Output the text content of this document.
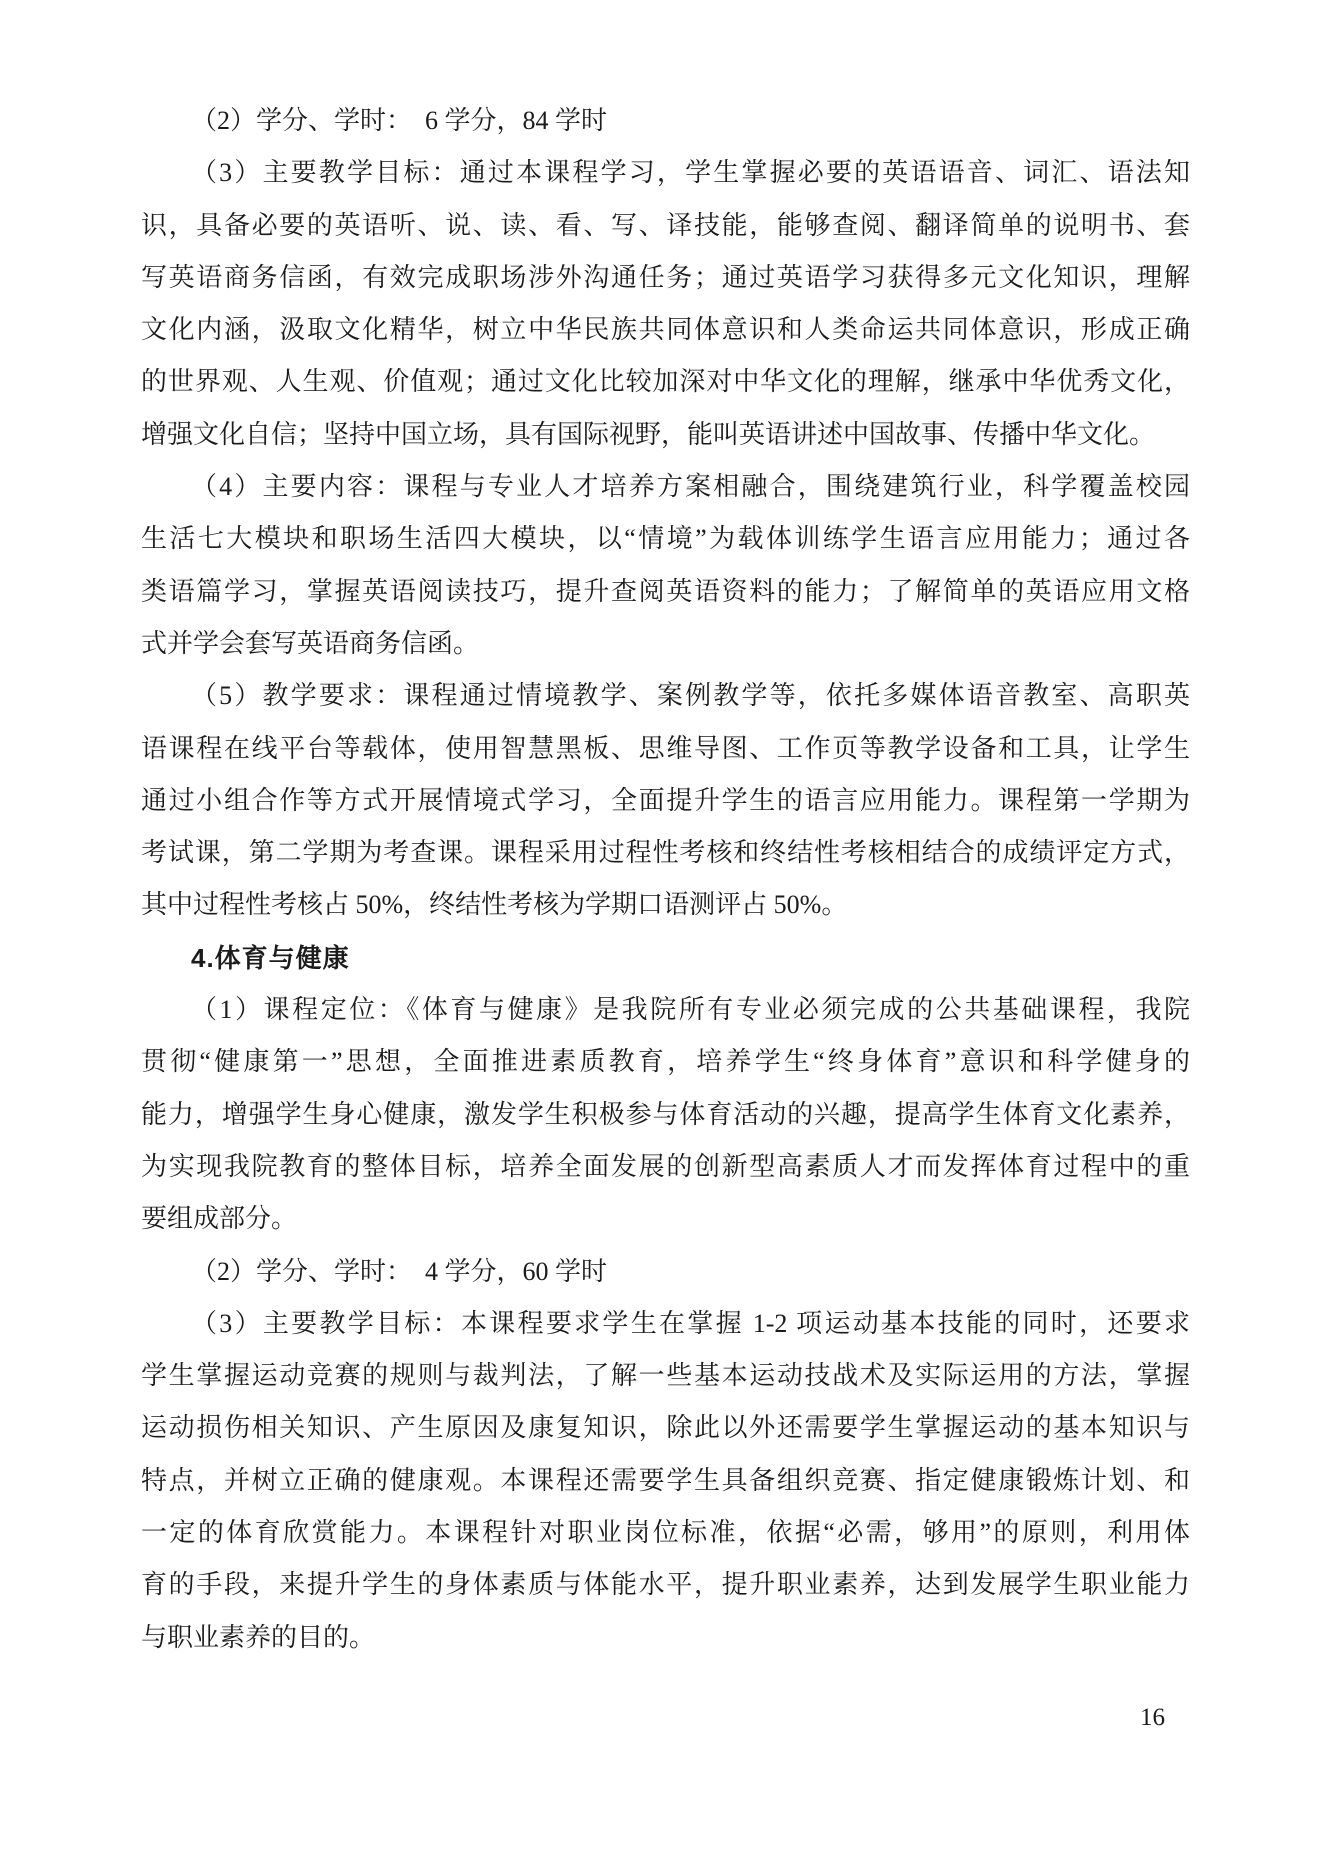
（2）学分、学时：　6 学分，84 学时
（3）主要教学目标：通过本课程学习，学生掌握必要的英语语音、词汇、语法知
识，具备必要的英语听、说、读、看、写、译技能，能够查阅、翻译简单的说明书、套
写英语商务信函，有效完成职场涉外沟通任务；通过英语学习获得多元文化知识，理解
文化内涵，汲取文化精华，树立中华民族共同体意识和人类命运共同体意识，形成正确
的世界观、人生观、价值观；通过文化比较加深对中华文化的理解，继承中华优秀文化，
增强文化自信；坚持中国立场，具有国际视野，能叫英语讲述中国故事、传播中华文化。
（4）主要内容：课程与专业人才培养方案相融合，围绕建筑行业，科学覆盖校园
生活七大模块和职场生活四大模块，以“情境”为载体训练学生语言应用能力；通过各
类语篇学习，掌握英语阅读技巧，提升查阅英语资料的能力；了解简单的英语应用文格
式并学会套写英语商务信函。
（5）教学要求：课程通过情境教学、案例教学等，依托多媒体语音教室、高职英
语课程在线平台等载体，使用智慧黑板、思维导图、工作页等教学设备和工具，让学生
通过小组合作等方式开展情境式学习，全面提升学生的语言应用能力。课程第一学期为
考试课，第二学期为考查课。课程采用过程性考核和终结性考核相结合的成绩评定方式，
其中过程性考核占 50%，终结性考核为学期口语测评占 50%。
4.体育与健康
（1）课程定位：《体育与健康》是我院所有专业必须完成的公共基础课程，我院
贯彻“健康第一”思想，全面推进素质教育，培养学生“终身体育”意识和科学健身的
能力，增强学生身心健康，激发学生积极参与体育活动的兴趣，提高学生体育文化素养，
为实现我院教育的整体目标，培养全面发展的创新型高素质人才而发挥体育过程中的重
要组成部分。
（2）学分、学时：　4 学分，60 学时
（3）主要教学目标：本课程要求学生在掌握 1-2 项运动基本技能的同时，还要求
学生掌握运动竞赛的规则与裁判法，了解一些基本运动技战术及实际运用的方法，掌握
运动损伤相关知识、产生原因及康复知识，除此以外还需要学生掌握运动的基本知识与
特点，并树立正确的健康观。本课程还需要学生具备组织竞赛、指定健康锻炼计划、和
一定的体育欣赏能力。本课程针对职业岗位标准，依据“必需，够用”的原则，利用体
育的手段，来提升学生的身体素质与体能水平，提升职业素养，达到发展学生职业能力
与职业素养的目的。
16
